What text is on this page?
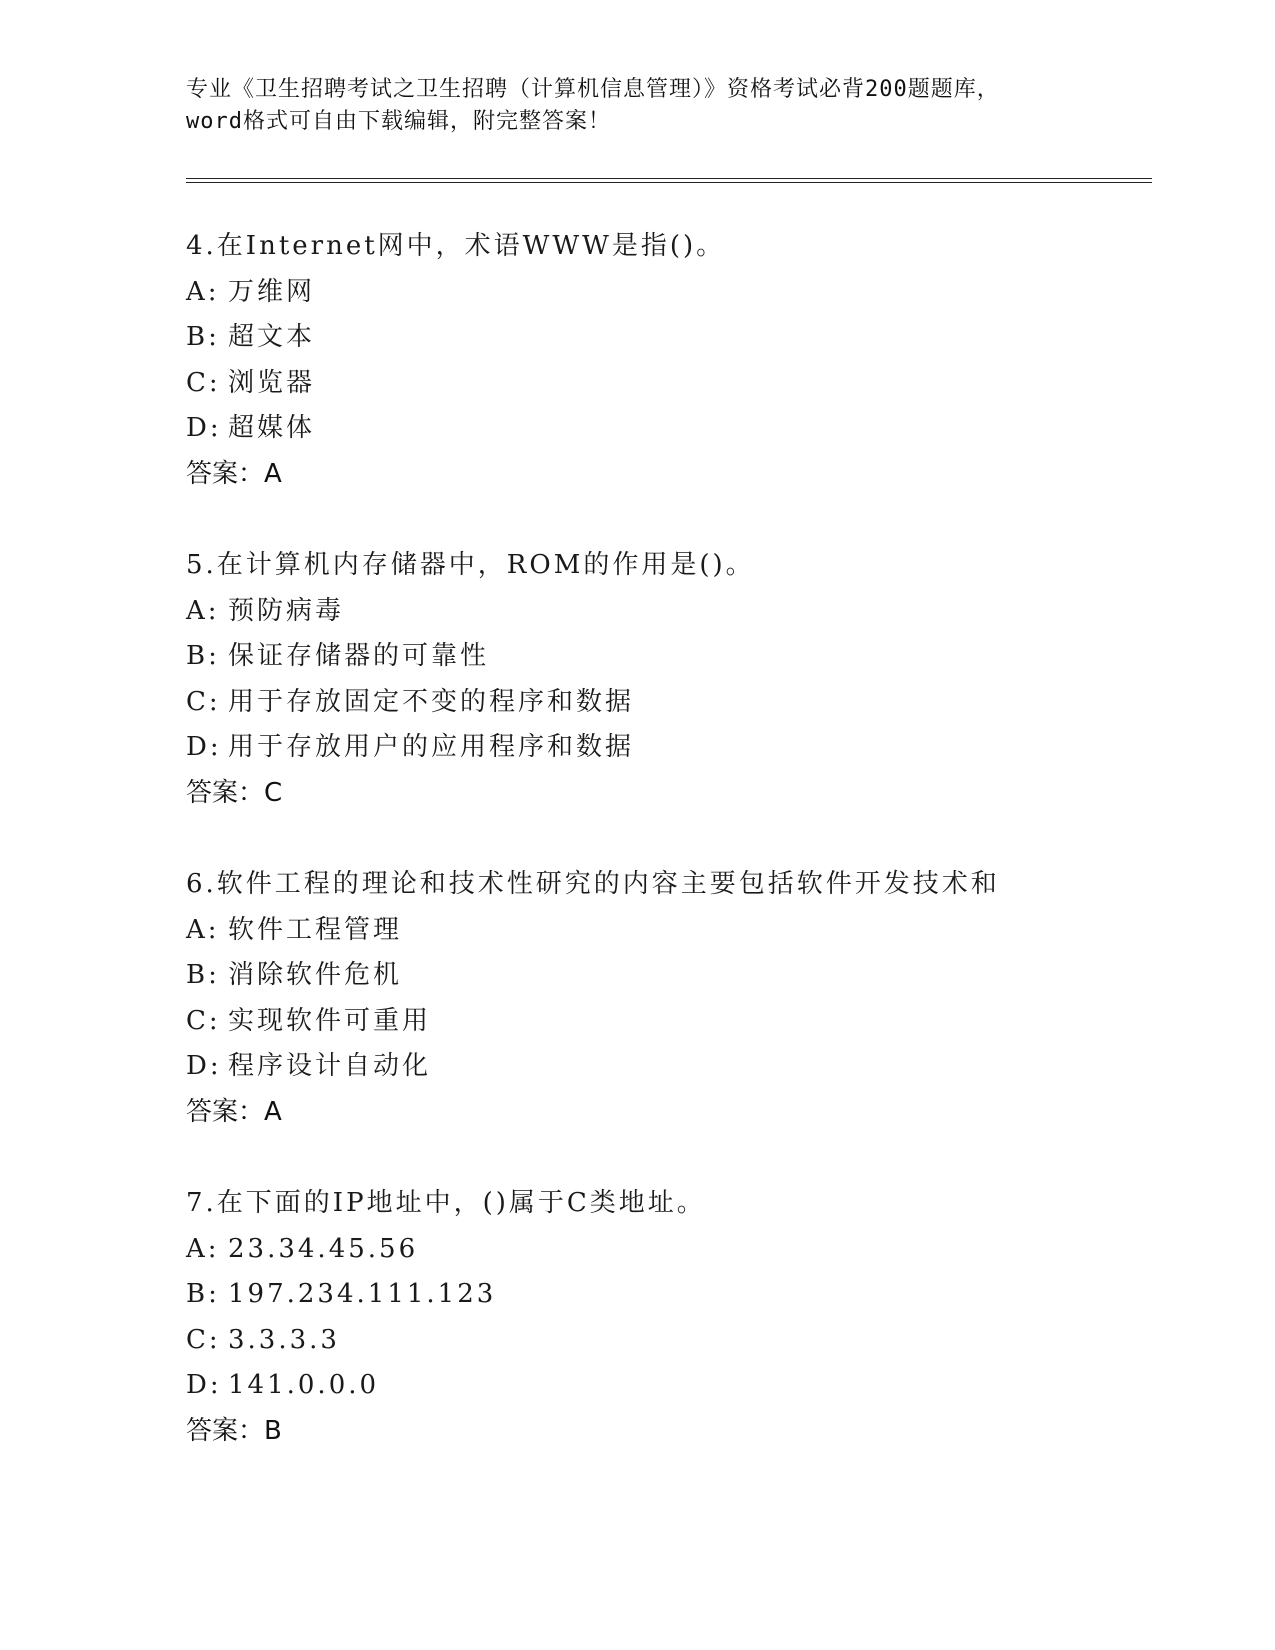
专业《卫生招聘考试之卫生招聘（计算机信息管理）》资格考试必背200题题库，
word格式可自由下载编辑，附完整答案！
4.在Internet网中，术语WWW是指()。
A: 万维网
B: 超文本
C: 浏览器
D: 超媒体
答案：A
5.在计算机内存储器中，ROM的作用是()。
A: 预防病毒
B: 保证存储器的可靠性
C: 用于存放固定不变的程序和数据
D: 用于存放用户的应用程序和数据
答案：C
6.软件工程的理论和技术性研究的内容主要包括软件开发技术和
A: 软件工程管理
B: 消除软件危机
C: 实现软件可重用
D: 程序设计自动化
答案：A
7.在下面的IP地址中，()属于C类地址。
A: 23.34.45.56
B: 197.234.111.123
C: 3.3.3.3
D: 141.0.0.0
答案：B
